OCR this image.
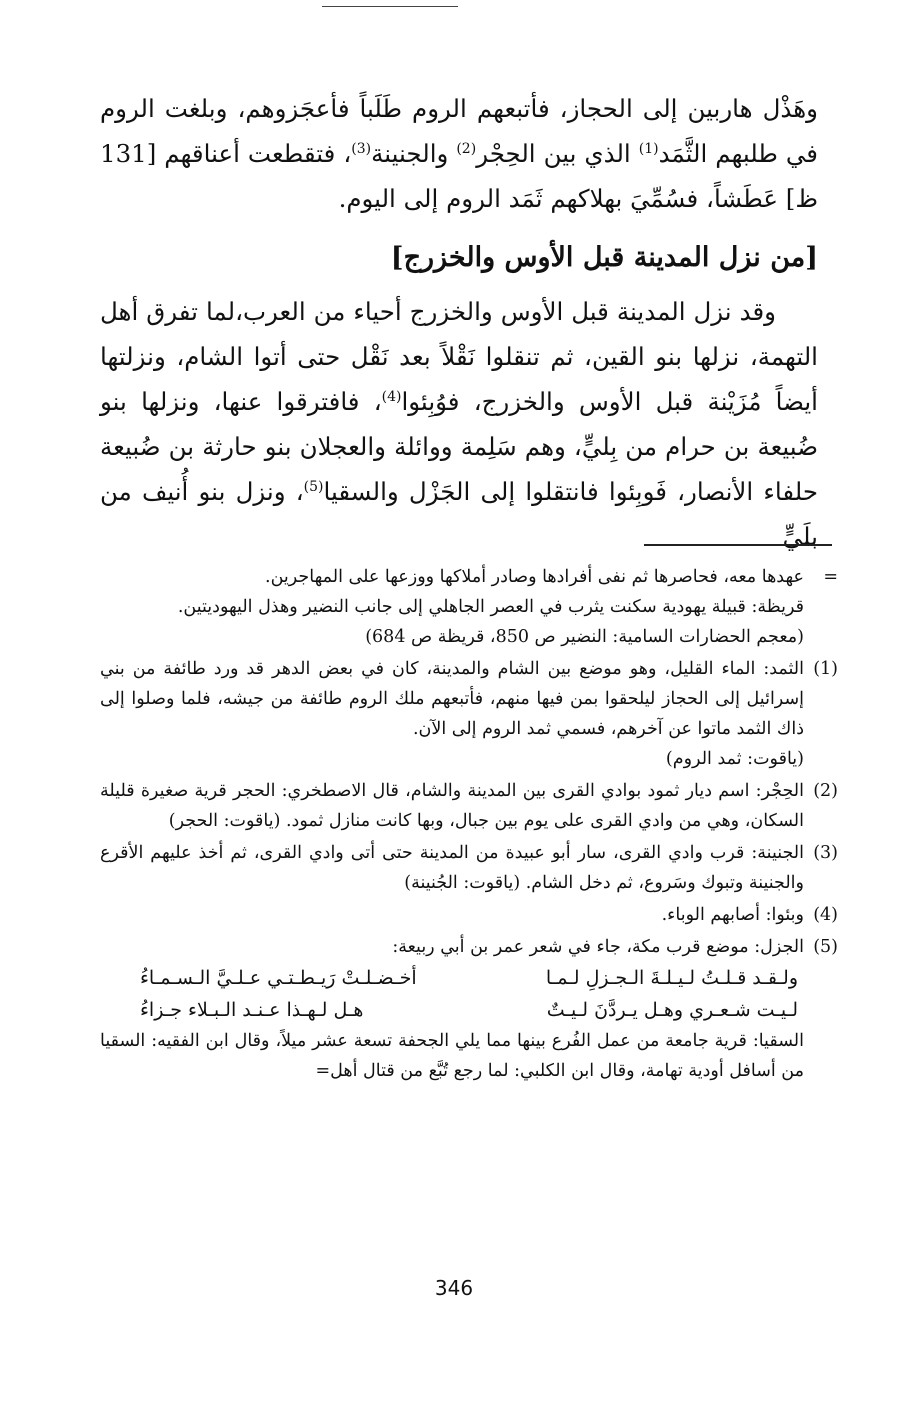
وهَذْل هاربين إلى الحجاز، فأتبعهم الروم طَلَباً فأعجَزوهم، وبلغت الروم في طلبهم الثَّمَد$^{(1)}$ الذي بين الحِجْر$^{(2)}$ والجنينة$^{(3)}$، فتقطعت أعناقهم [131 ظ] عَطَشاً، فسُمِّيَ بهلاكهم ثَمَد الروم إلى اليوم.

[من نزل المدينة قبل الأوس والخزرج]

وقد نزل المدينة قبل الأوس والخزرج أحياء من العرب،لما تفرق أهل التهمة، نزلها بنو القين، ثم تنقلوا نَقْلاً بعد نَقْل حتى أتوا الشام، ونزلتها أيضاً مُزَيْنة قبل الأوس والخزرج، فوُبِئوا$^{(4)}$، فافترقوا عنها، ونزلها بنو ضُبيعة بن حرام من بِليٍّ، وهم سَلِمة ووائلة والعجلان بنو حارثة بن ضُبيعة حلفاء الأنصار، فَوبِئوا فانتقلوا إلى الجَزْل والسقيا$^{(5)}$، ونزل بنو أُنيف من بلَيٍّ

=

عهدها معه، فحاصرها ثم نفى أفرادها وصادر أملاكها ووزعها على المهاجرين.

قريظة: قبيلة يهودية سكنت يثرب في العصر الجاهلي إلى جانب النضير وهذل اليهوديتين.

(معجم الحضارات السامية: النضير ص 850، قريظة ص 684)

(1)

الثمد: الماء القليل، وهو موضع بين الشام والمدينة، كان في بعض الدهر قد ورد طائفة من بني إسرائيل إلى الحجاز ليلحقوا بمن فيها منهم، فأتبعهم ملك الروم طائفة من جيشه، فلما وصلوا إلى ذاك الثمد ماتوا عن آخرهم، فسمي ثمد الروم إلى الآن.

(ياقوت: ثمد الروم)

(2)

الحِجْر: اسم ديار ثمود بوادي القرى بين المدينة والشام، قال الاصطخري: الحجر قرية صغيرة قليلة السكان، وهي من وادي القرى على يوم بين جبال، وبها كانت منازل ثمود. (ياقوت: الحجر)

(3)

الجنينة: قرب وادي القرى، سار أبو عبيدة من المدينة حتى أتى وادي القرى، ثم أخذ عليهم الأقرع والجنينة وتبوك وسَروع، ثم دخل الشام. (ياقوت: الجُنينة)

(4)

وبئوا: أصابهم الوباء.

(5)

الجزل: موضع قرب مكة، جاء في شعر عمر بن أبي ربيعة:

ولـقـد قـلـتُ لـيـلـةَ الـجـزلِ لـمـا
أخـضـلـتْ رَيـطـتـي عـلـيَّ الـسـمـاءُ
لـيـت شـعـري وهـل يـردَّنَ لـيـتٌ
هـل لـهـذا عـنـد الـبـلاء جـزاءُ

السقيا: قرية جامعة من عمل الفُرع بينها مما يلي الجحفة تسعة عشر ميلاً، وقال ابن الفقيه: السقيا من أسافل أودية تهامة، وقال ابن الكلبي: لما رجع تُبَّع من قتال أهل=

346
